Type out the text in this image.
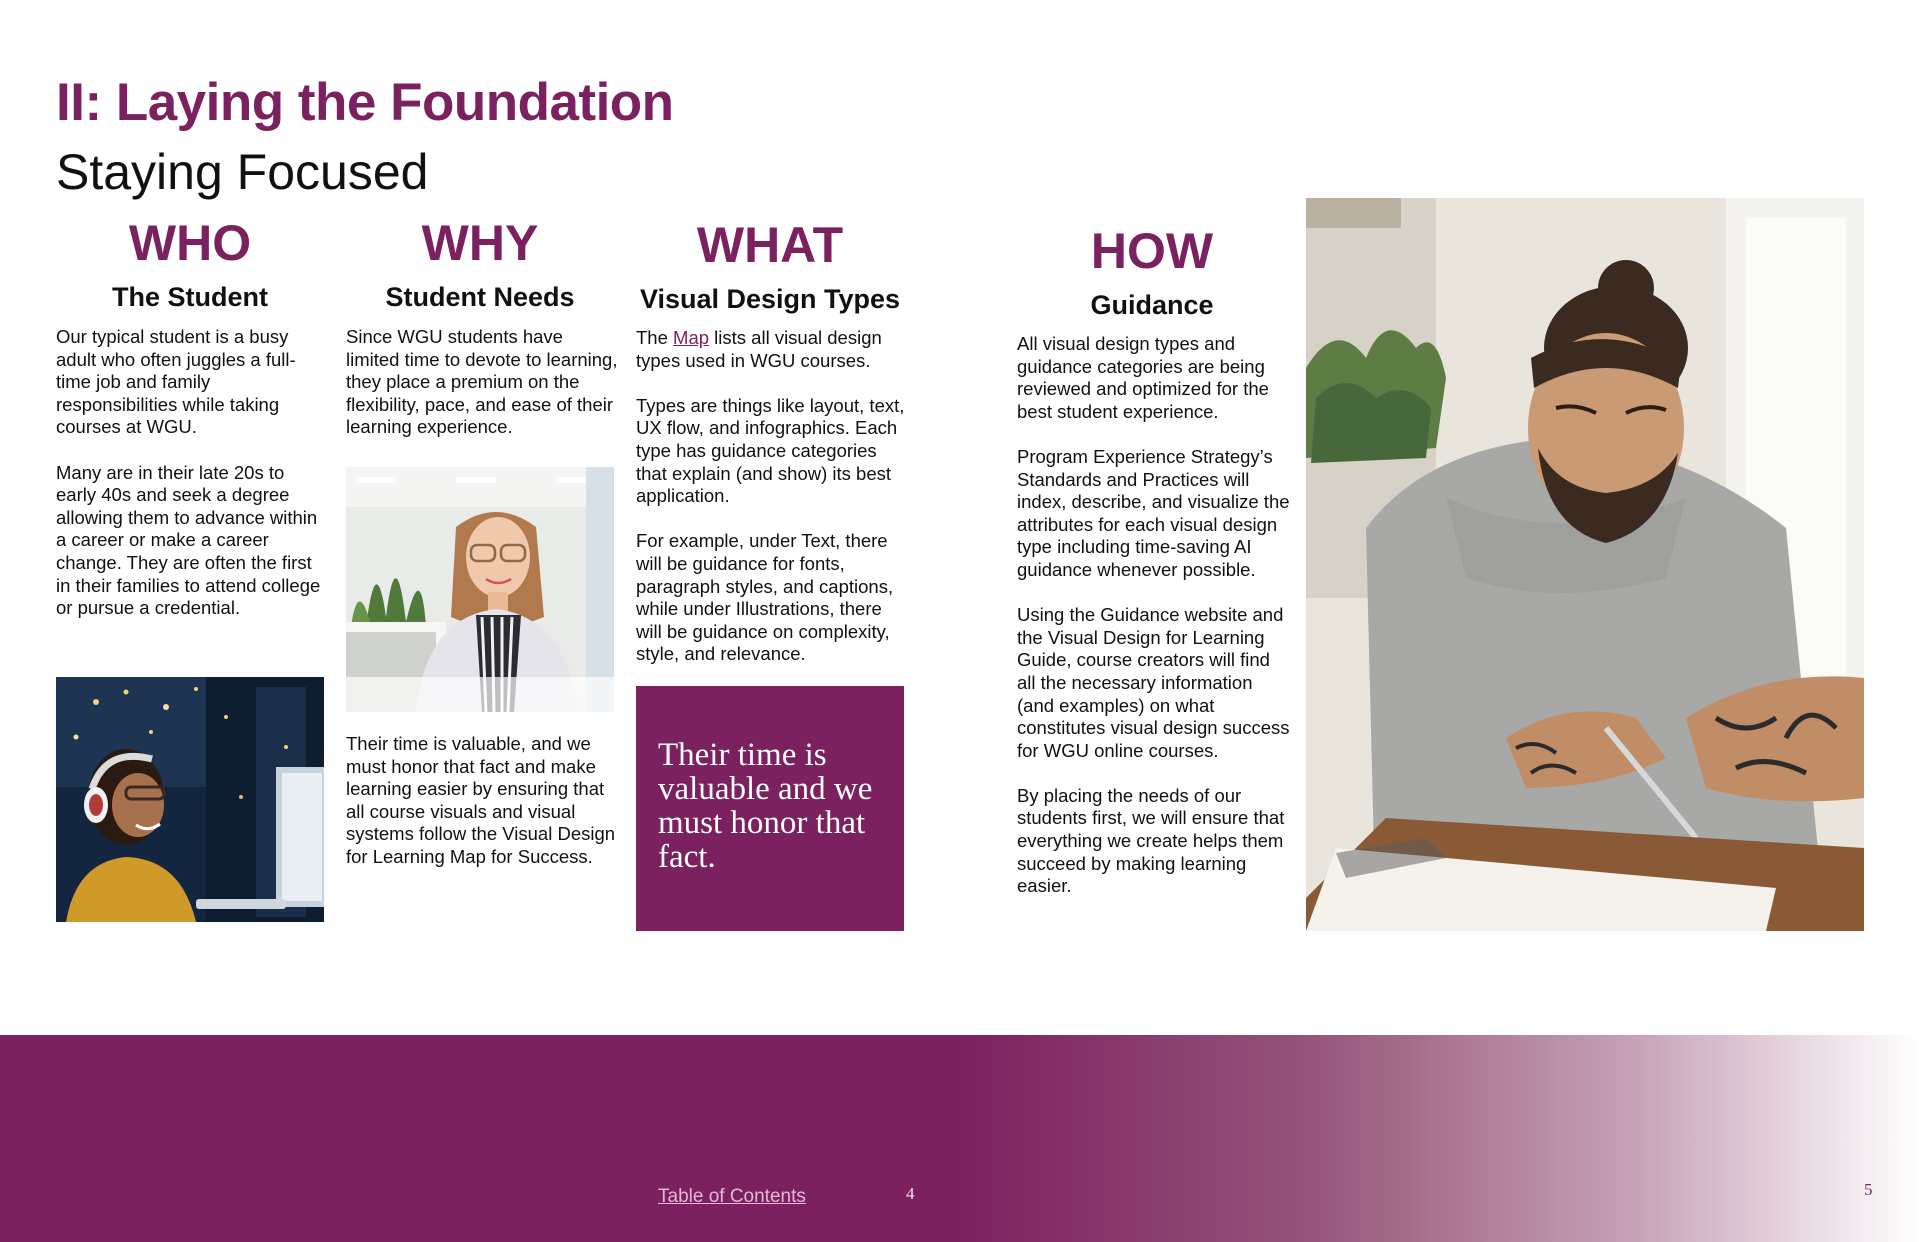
II: Laying the Foundation
Staying Focused
WHO
The Student

Our typical student is a busy adult who often juggles a full-time job and family responsibilities while taking courses at WGU.

Many are in their late 20s to early 40s and seek a degree allowing them to advance within a career or make a career change. They are often the first in their families to attend college or pursue a credential.

WHY
Student Needs

Since WGU students have limited time to devote to learning, they place a premium on the flexibility, pace, and ease of their learning experience.

Their time is valuable, and we must honor that fact and make learning easier by ensuring that all course visuals and visual systems follow the Visual Design for Learning Map for Success.

WHAT
Visual Design Types

The Map lists all visual design types used in WGU courses.

Types are things like layout, text, UX flow, and infographics. Each type has guidance categories that explain (and show) its best application.

For example, under Text, there will be guidance for fonts, paragraph styles, and captions, while under Illustrations, there will be guidance on complexity, style, and relevance.

Their time is valuable and we must honor that fact.
HOW
Guidance

All visual design types and guidance categories are being reviewed and optimized for the best student experience.

Program Experience Strategy’s Standards and Practices will index, describe, and visualize the attributes for each visual design type including time-saving AI guidance whenever possible.

Using the Guidance website and the Visual Design for Learning Guide, course creators will find all the necessary information (and examples) on what constitutes visual design success for WGU online courses.

By placing the needs of our students first, we will ensure that everything we create helps them succeed by making learning easier.

Table of Contents	4	5
